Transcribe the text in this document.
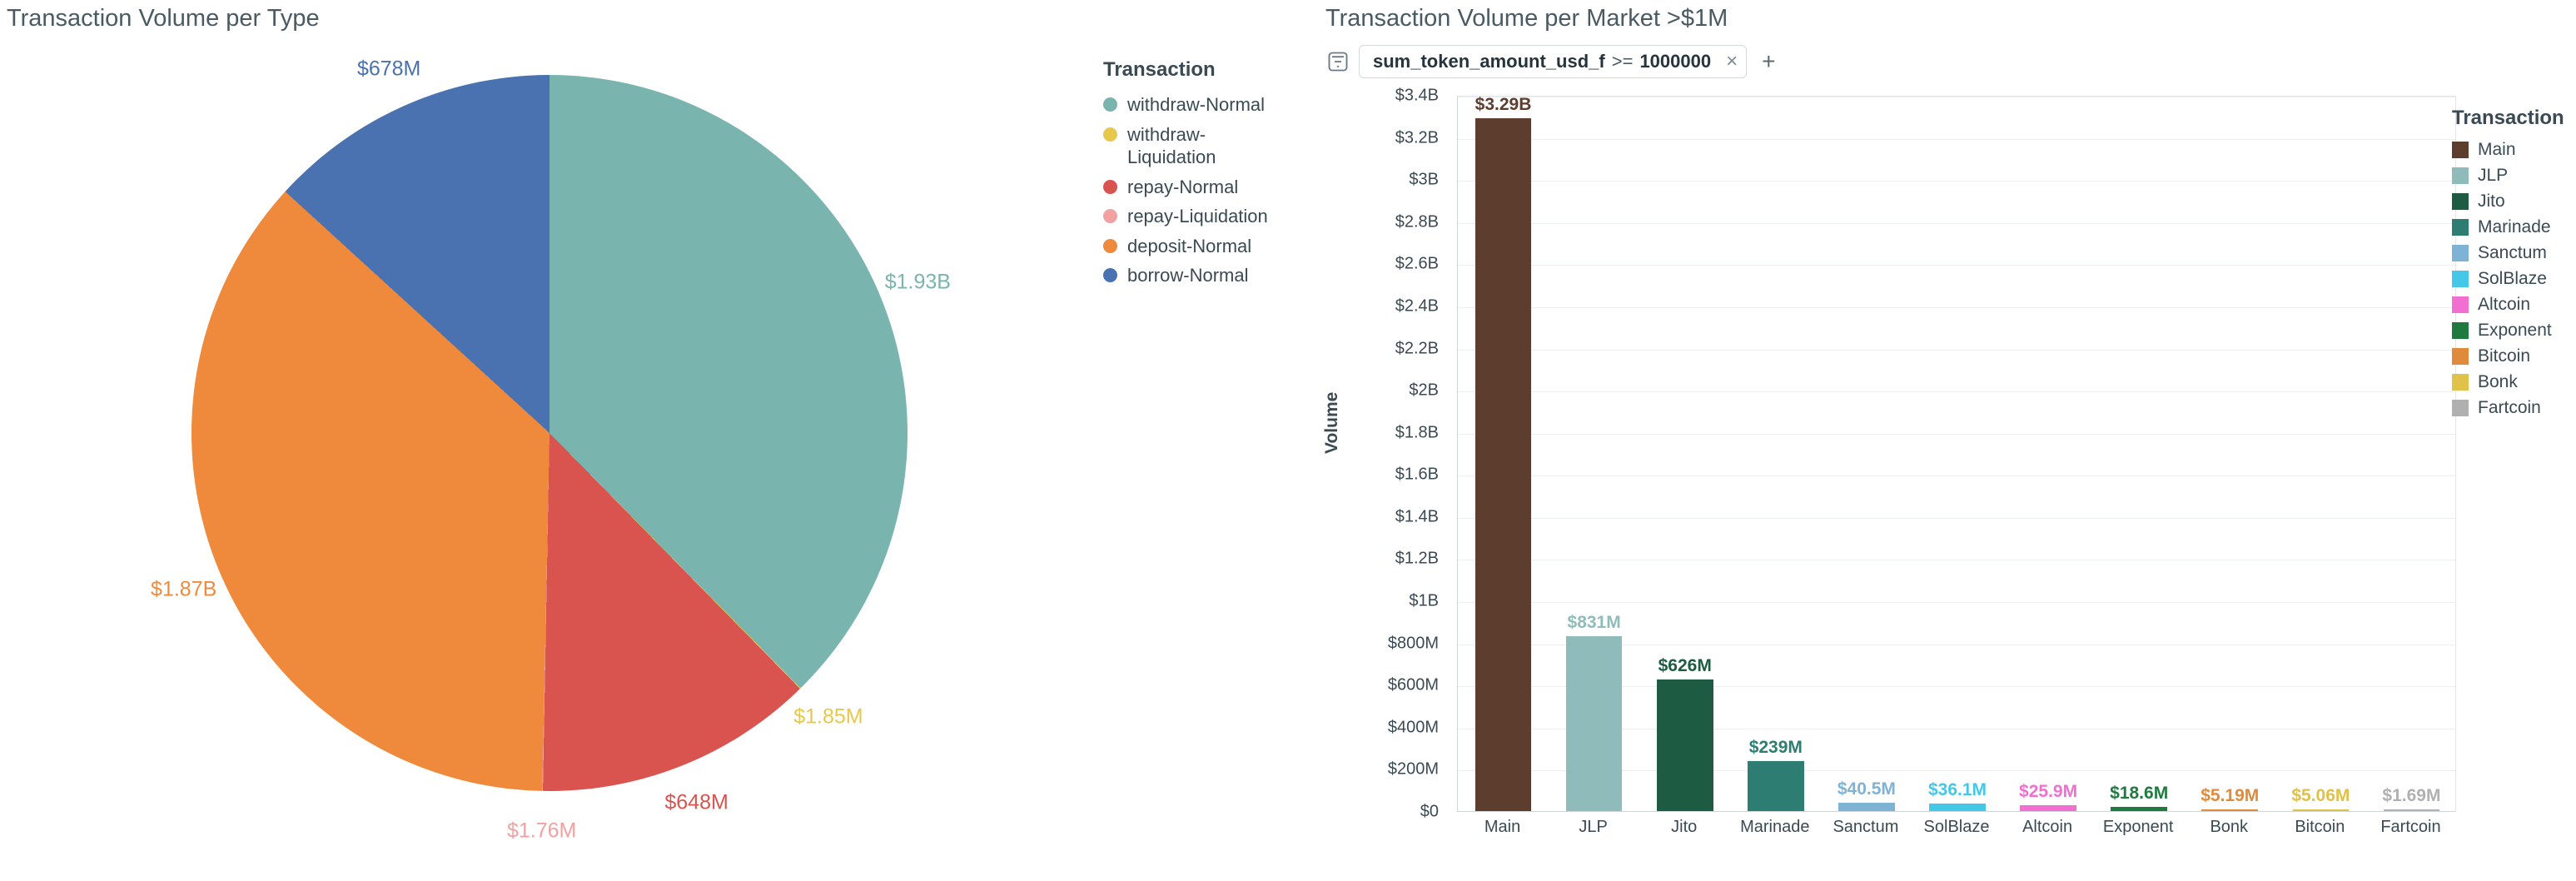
Transaction Volume per Type
$1.93B
$1.85M
$648M
$1.76M
$1.87B
$678M	Transaction
withdraw-​Normal
withdraw-​Liquidation
repay-​Normal
repay-​Liquidation
deposit-​Normal
borrow-​Normal
Transaction Volume per Market >$1M
sum_token_amount_usd_f >= 1000000 × +
Volume
$0
$200M
$400M
$600M
$800M
$1B
$1.2B
$1.4B
$1.6B
$1.8B
$2B
$2.2B
$2.4B
$2.6B
$2.8B
$3B
$3.2B
$3.4B $3.29B
$831M
$626M
$239M
$40.5M $36.1M $25.9M $18.6M $5.19M $5.06M $1.69M
Main	JLP	Jito	Marinade Sanctum SolBlaze Altcoin Exponent Bonk	Bitcoin Fartcoin
Transaction
Main
JLP
Jito
Marinade
Sanctum
SolBlaze
Altcoin
Exponent
Bitcoin
Bonk
Fartcoin
